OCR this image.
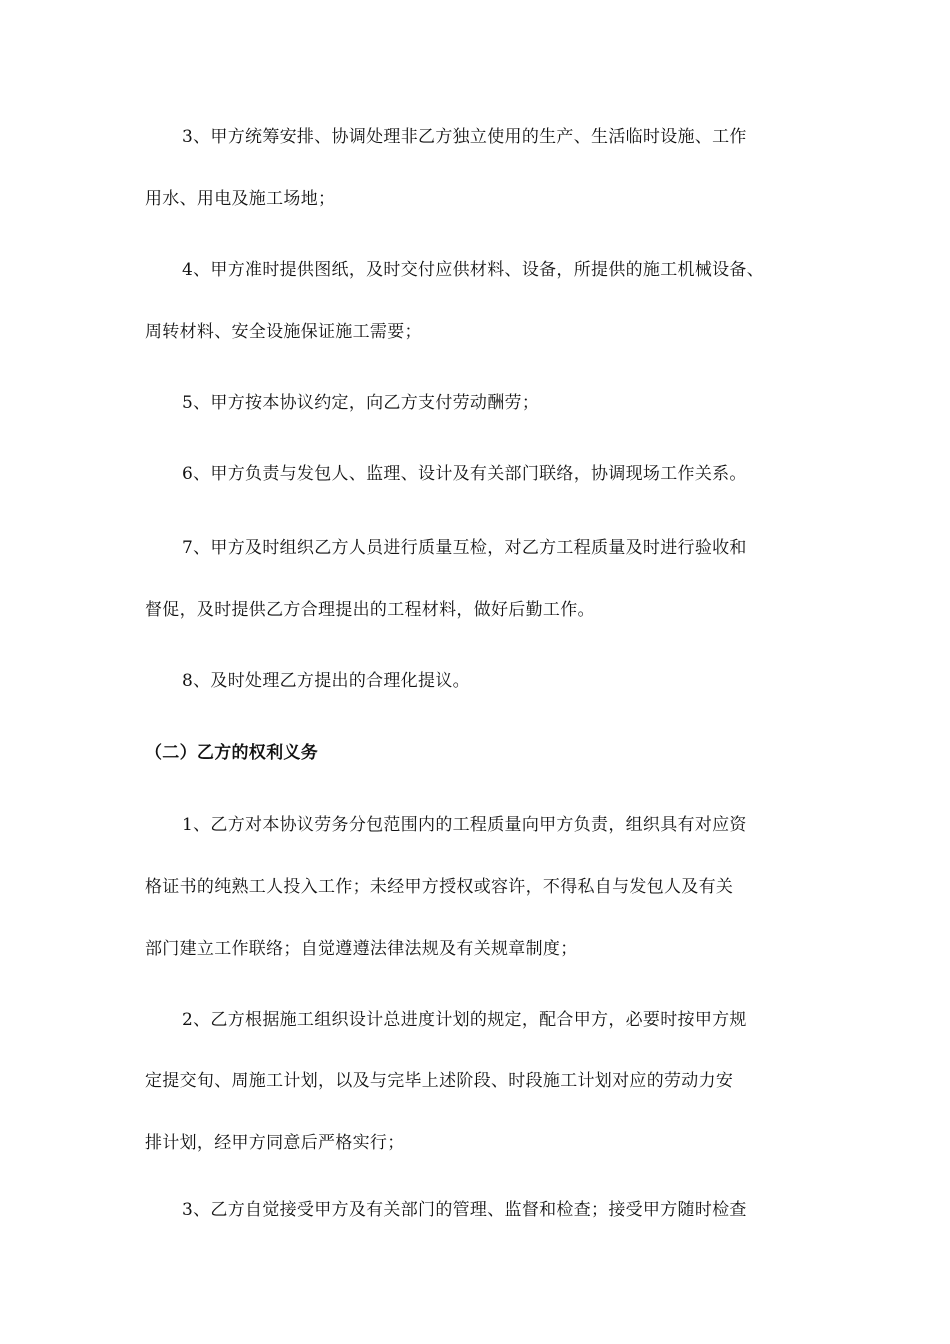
3、甲方统筹安排、协调处理非乙方独立使用的生产、生活临时设施、工作
用水、用电及施工场地；
4、甲方准时提供图纸，及时交付应供材料、设备，所提供的施工机械设备、
周转材料、安全设施保证施工需要；
5、甲方按本协议约定，向乙方支付劳动酬劳；
6、甲方负责与发包人、监理、设计及有关部门联络，协调现场工作关系。
7、甲方及时组织乙方人员进行质量互检，对乙方工程质量及时进行验收和
督促，及时提供乙方合理提出的工程材料，做好后勤工作。
8、及时处理乙方提出的合理化提议。
（二）乙方的权利义务
1、乙方对本协议劳务分包范围内的工程质量向甲方负责，组织具有对应资
格证书的纯熟工人投入工作；未经甲方授权或容许，不得私自与发包人及有关
部门建立工作联络；自觉遵遵法律法规及有关规章制度；
2、乙方根据施工组织设计总进度计划的规定，配合甲方，必要时按甲方规
定提交旬、周施工计划，以及与完毕上述阶段、时段施工计划对应的劳动力安
排计划，经甲方同意后严格实行；
3、乙方自觉接受甲方及有关部门的管理、监督和检查；接受甲方随时检查
